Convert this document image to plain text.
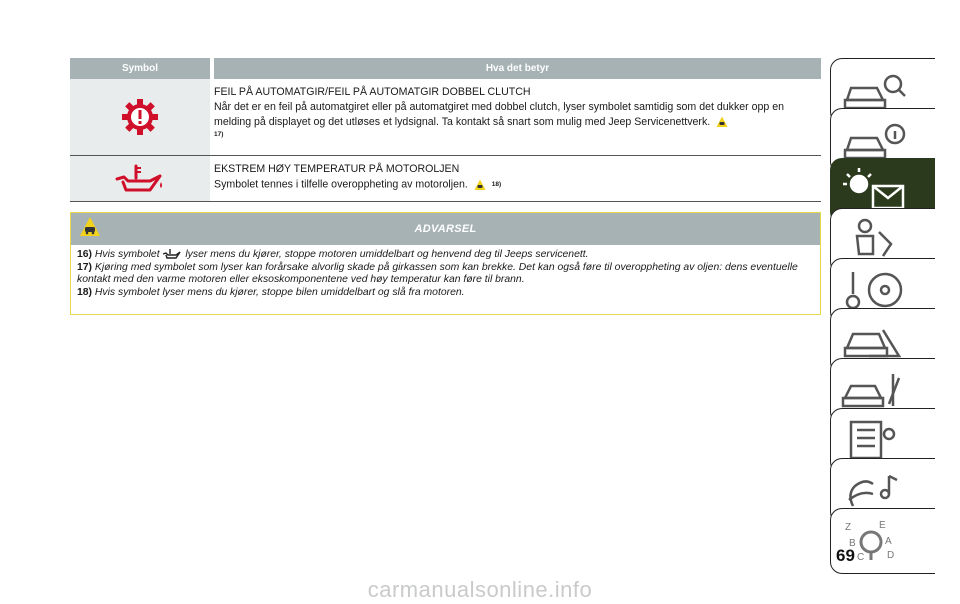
Symbol	Hva det betyr
FEIL PÅ AUTOMATGIR/FEIL PÅ AUTOMATGIR DOBBEL CLUTCH
Når det er en feil på automatgiret eller på automatgiret med dobbel clutch, lyser symbolet samtidig som det dukker opp en melding på displayet og det utløses et lydsignal. Ta kontakt så snart som mulig med Jeep Servicenettverk.
17)
EKSTREM HØY TEMPERATUR PÅ MOTOROLJEN
Symbolet tennes i tilfelle overoppheting av motoroljen.	18)
ADVARSEL
16) Hvis symbolet lyser mens du kjører, stoppe motoren umiddelbart og henvend deg til Jeeps servicenett.
17) Kjøring med symbolet som lyser kan forårsake alvorlig skade på girkassen som kan brekke. Det kan også føre til overoppheting av oljen: dens eventuelle kontakt med den varme motoren eller eksoskomponentene ved høy temperatur kan føre til brann.
18) Hvis symbolet lyser mens du kjører, stoppe bilen umiddelbart og slå fra motoren.
Z
B
C
E
A
D
69
carmanualsonline.info
